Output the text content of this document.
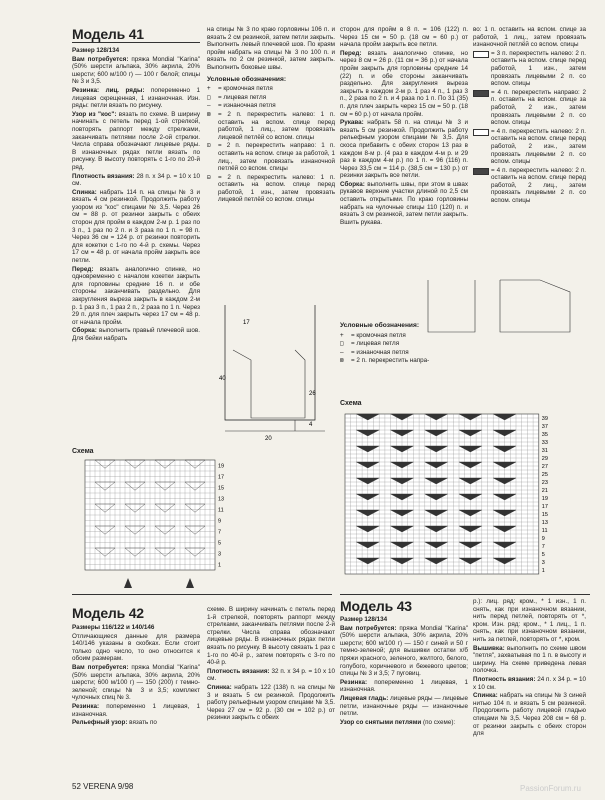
Модель 41

Размер 128/134

Вам потребуется: пряжа Mondial "Karina" (50% шерсти альпака, 30% акрила, 20% шерсти; 600 м/100 г) — 100 г белой; спицы № 3 и 3,5.

Резинка: лиц. ряды: попеременно 1 лицевая скрещенная, 1 изнаночная. Изн. ряды: петли вязать по рисунку.

Узор из "кос": вязать по схеме. В ширину начинать с петель перед 1-ой стрелкой, повторять раппорт между стрелками, заканчивать петлями после 2-ой стрелки. Числа справа обозначают лицевые ряды. В изнаночных рядах петли вязать по рисунку. В высоту повторять с 1-го по 20-й ряд.

Плотность вязания: 28 п. х 34 р. = 10 х 10 см.

Спинка: набрать 114 п. на спицы № 3 и вязать 4 см резинкой. Продолжить работу узором из "кос" спицами № 3,5. Через 26 см = 88 р. от резинки закрыть с обеих сторон для пройм в каждом 2-м р. 1 раз по 3 п., 1 раз по 2 п. и 3 раза по 1 п. = 98 п. Через 36 см = 124 р. от резинки повторить для кокетки с 1-го по 4-й р. схемы. Через 17 см = 48 р. от начала пройм закрыть все петли.

Перед: вязать аналогично спинке, но одновременно с началом кокетки закрыть для горловины средние 16 п. и обе стороны заканчивать раздельно. Для закругления выреза закрыть в каждом 2-м р. 1 раз 3 п., 1 раз 2 п., 2 раза по 1 п. Через 29 п. для плеч закрыть через 17 см = 48 р. от начала пройм.

Сборка: выполнить правый плечевой шов. Для бейки набрать

на спицы № 3 по краю горловины 106 п. и вязать 2 см резинкой, затем петли закрыть. Выполнить левый плечевой шов. По краям пройм набрать на спицы № 3 по 100 п. и вязать по 2 см резинкой, затем закрыть. Выполнить боковые швы.

Условные обозначения:
+	= кромочная петля
□	= лицевая петля
–	= изнаночная петля
⊠	= 2 п. перекрестить налево: 1 п. оставить на вспом. спице перед работой, 1 лиц., затем провязать лицевой петлёй со вспом. спицы
⊡	= 2 п. перекрестить направо: 1 п. оставить на вспом. спице за работой, 1 лиц., затем провязать изнаночной петлёй со вспом. спицы
⊟	= 2 п. перекрестить налево: 1 п. оставить на вспом. спице перед работой, 1 изн., затем провязать лицевой петлёй со вспом. спицы
17
40
26
4
20
Схема
19
17
15
13
11
9
7
5
3
1

сторон для пройм в 8 п. = 106 (122) п. Через 15 см = 50 р. (18 см = 60 р.) от начала пройм закрыть все петли.

Перед: вязать аналогично спинке, но через 8 см = 26 р. (11 см = 36 р.) от начала пройм закрыть для горловины средние 14 (22) п. и обе стороны заканчивать раздельно. Для закругления выреза закрыть в каждом 2-м р. 1 раз 4 п., 1 раз 3 п., 2 раза по 2 п. и 4 раза по 1 п. По 31 (35) п. для плеч закрыть через 15 см = 50 р. (18 см = 60 р.) от начала пройм.

Рукава: набрать 58 п. на спицы № 3 и вязать 5 см резинкой. Продолжить работу рельефным узором спицами № 3,5. Для скоса прибавить с обеих сторон 13 раз в каждом 8-м р. (4 раз в каждом 4-м р. и 29 раз в каждом 4-м р.) по 1 п. = 96 (116) п. Через 33,5 см = 114 р. (38,5 см = 130 р.) от резинки закрыть все петли.

Сборка: выполнить швы, при этом в швах рукавов верхние участки длиной по 2,5 см оставить открытыми. По краю горловины набрать на чулочные спицы 110 (120) п. и вязать 3 см резинкой, затем петли закрыть. Вшить рукава.

во: 1 п. оставить на вспом. спице за работой, 1 лиц., затем провязать изнаночной петлёй со вспом. спицы
= 3 п. перекрестить налево: 2 п. оставить на вспом. спице перед работой, 1 изн., затем провязать лицевыми 2 п. со вспом. спицы
= 4 п. перекрестить направо: 2 п. оставить на вспом. спице за работой, 2 изн., затем провязать лицевыми 2 п. со вспом. спицы
= 4 п. перекрестить налево: 2 п. оставить на вспом. спице перед работой, 2 изн., затем провязать лицевыми 2 п. со вспом. спицы
= 4 п. перекрестить налево: 2 п. оставить на вспом. спице перед работой, 2 лиц., затем провязать лицевыми 2 п. со вспом. спицы
Условные обозначения:
+	= кромочная петля
□	= лицевая петля
–	= изнаночная петля
⊠	= 2 п. перекрестить напра-
Схема
39
37
35
33
31
29
27
25
23
21
19
17
15
13
11
9
7
5
3
1
Модель 42

Размеры 116/122 и 140/146

Отличающиеся данные для размера 140/146 указаны в скобках. Если стоит только одно число, то оно относится к обоим размерам.

Вам потребуется: пряжа Mondial "Karina" (50% шерсти альпака, 30% акрила, 20% шерсти; 600 м/100 г) — 150 (200) г темно-зеленой; спицы № 3 и 3,5; комплект чулочных спиц № 3.

Резинка: попеременно 1 лицевая, 1 изнаночная.

Рельефный узор: вязать по

схеме. В ширину начинать с петель перед 1-й стрелкой, повторять раппорт между стрелками, заканчивать петлями после 2-й стрелки. Числа справа обозначают лицевые ряды. В изнаночных рядах петли вязать по рисунку. В высоту связать 1 раз с 1-го по 40-й р., затем повторять с 3-го по 40-й р.

Плотность вязания: 32 п. х 34 р. = 10 х 10 см.

Спинка: набрать 122 (138) п. на спицы № 3 и вязать 5 см резинкой. Продолжить работу рельефным узором спицами № 3,5. Через 27 см = 92 р. (30 см = 102 р.) от резинки закрыть с обеих

Модель 43

Размер 128/134

Вам потребуется: пряжа Mondial "Karina" (50% шерсти альпака, 30% акрила, 20% шерсти; 600 м/100 г) — 150 г синей и 50 г темно-зеленой; для вышивки остатки х/б пряжи красного, зеленого, желтого, белого, голубого, коричневого и бежевого цветов; спицы № 3 и 3,5; 7 пуговиц.

Резинка: попеременно 1 лицевая, 1 изнаночная.

Лицевая гладь: лицевые ряды — лицевые петли, изнаночные ряды — изнаночные петли.

Узор со снятыми петлями (по схеме):

р.): лиц. ряд: кром., * 1 изн., 1 п. снять, как при изнаночном вязании, нить перед петлей, повторять от *, кром. Изн. ряд: кром., * 1 лиц., 1 п. снять, как при изнаночном вязании, нить за петлей, повторять от *, кром.

Вышивка: выполнить по схеме швом "петля", захватывая по 1 п. в высоту и ширину. На схеме приведена левая полочка.

Плотность вязания: 24 п. х 34 р. = 10 х 10 см.

Спинка: набрать на спицы № 3 синей нитью 104 п. и вязать 5 см резинкой. Продолжить работу лицевой гладью спицами № 3,5. Через 208 см = 68 р. от резинки закрыть с обеих сторон для

52 VERENA 9/98	PassionForum.ru
